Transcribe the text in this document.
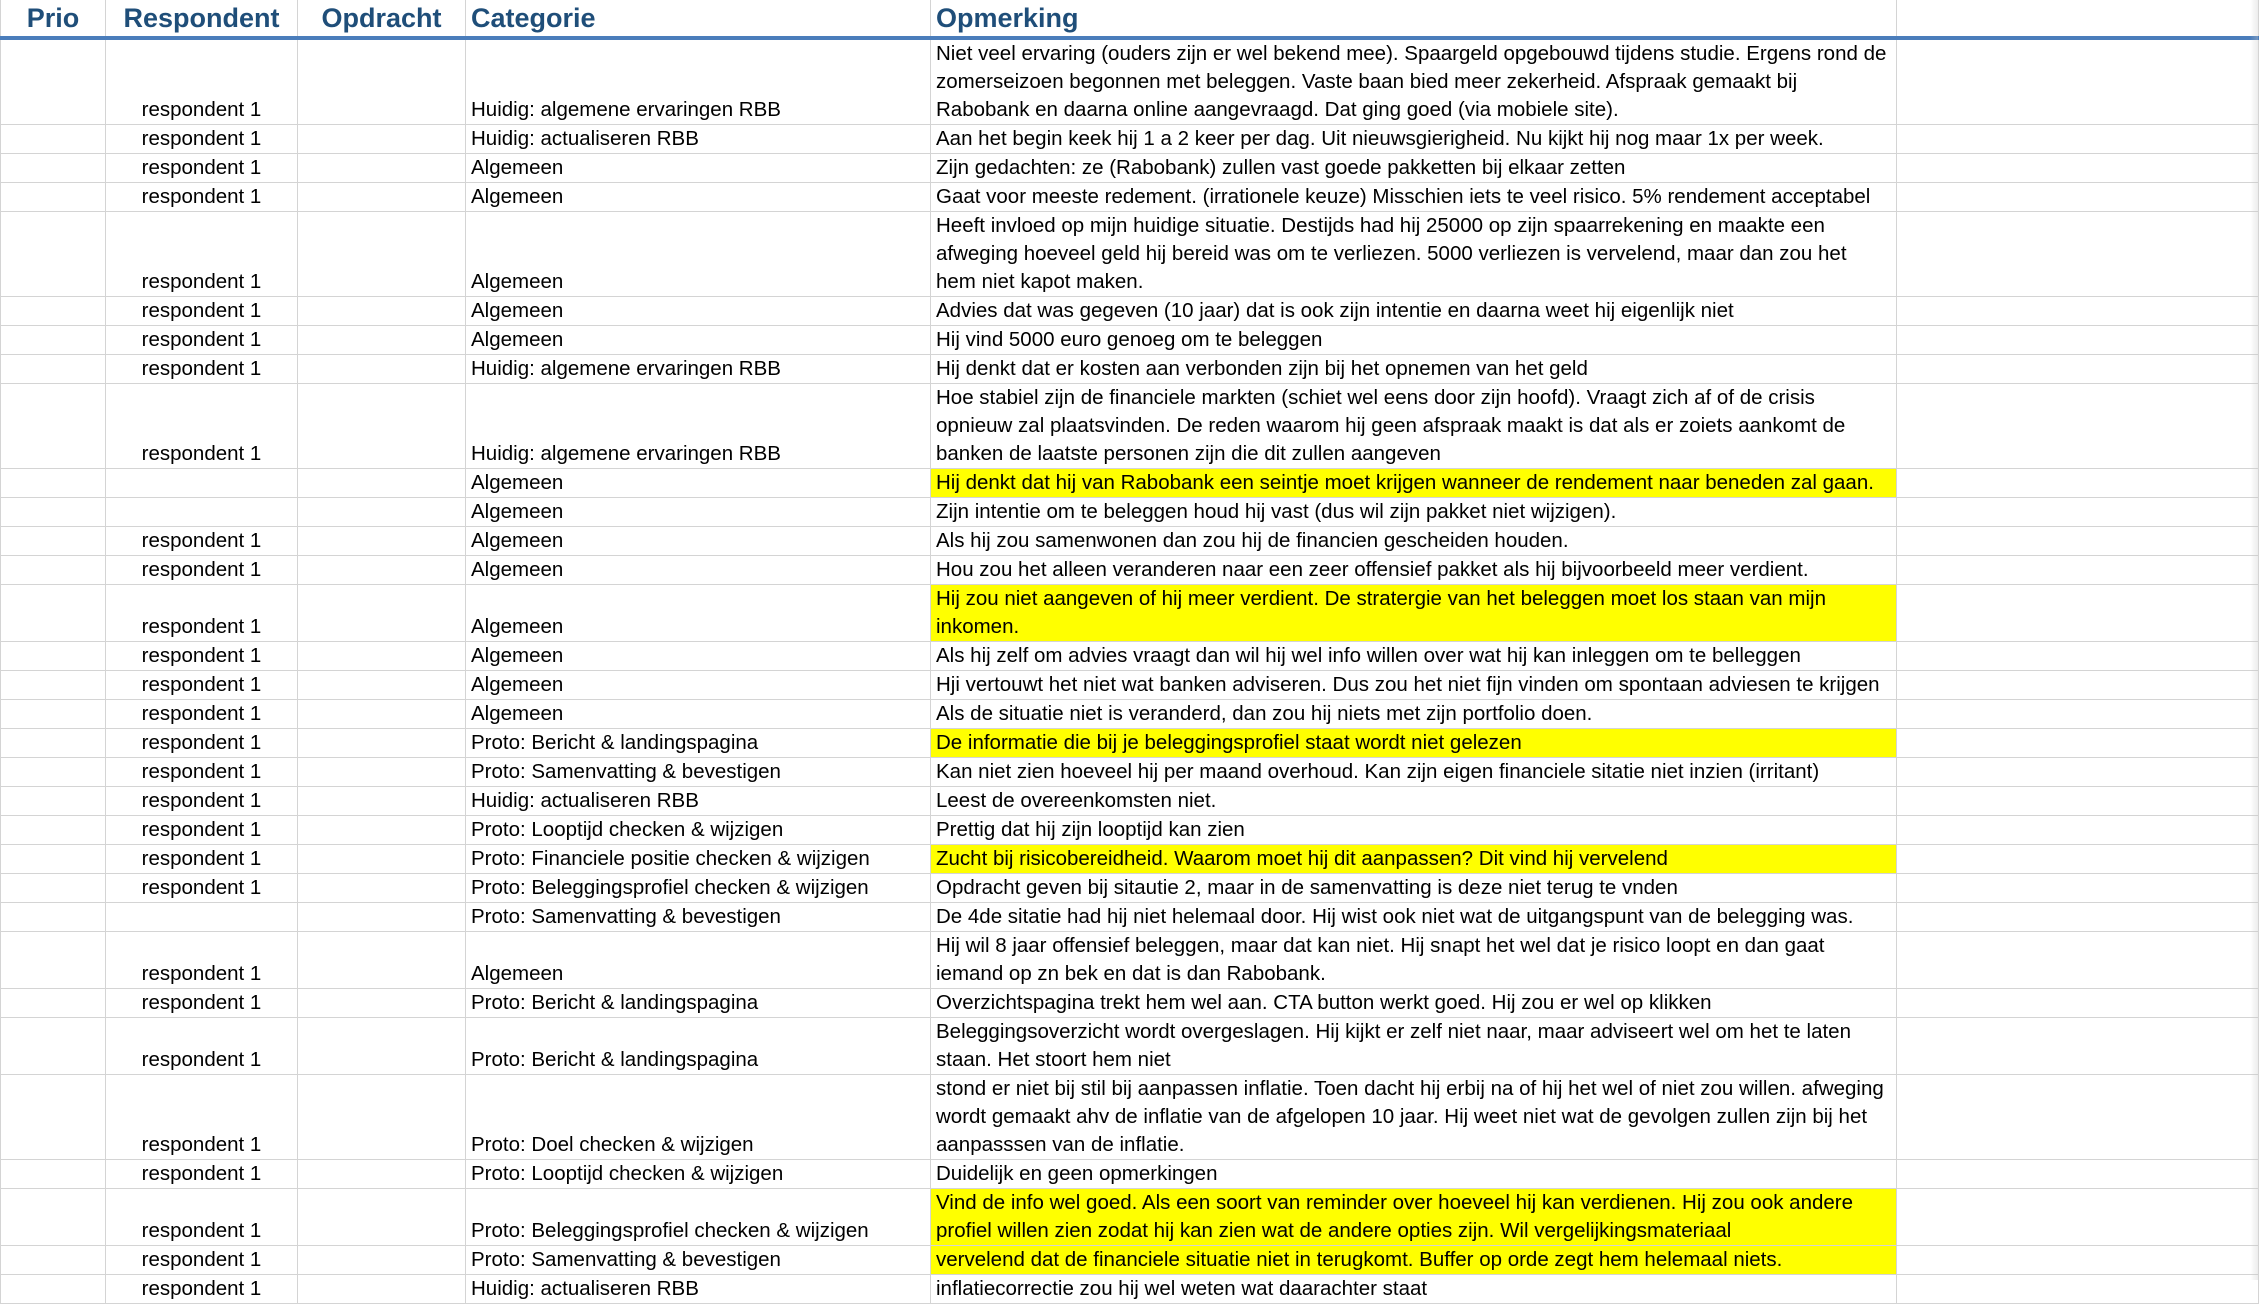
Prio	Respondent	Opdracht	Categorie	Opmerking	
	respondent 1		Huidig: algemene ervaringen RBB	Niet veel ervaring (ouders zijn er wel bekend mee). Spaargeld opgebouwd tijdens studie. Ergens rond de zomerseizoen begonnen met beleggen. Vaste baan bied meer zekerheid. Afspraak gemaakt bij Rabobank en daarna online aangevraagd. Dat ging goed (via mobiele site).	
	respondent 1		Huidig: actualiseren RBB	Aan het begin keek hij 1 a 2 keer per dag. Uit nieuwsgierigheid. Nu kijkt hij nog maar 1x per week.	
	respondent 1		Algemeen	Zijn gedachten: ze (Rabobank) zullen vast goede pakketten bij elkaar zetten	
	respondent 1		Algemeen	Gaat voor meeste redement. (irrationele keuze) Misschien iets te veel risico. 5% rendement acceptabel	
	respondent 1		Algemeen	Heeft invloed op mijn huidige situatie. Destijds had hij 25000 op zijn spaarrekening en maakte een afweging hoeveel geld hij bereid was om te verliezen. 5000 verliezen is vervelend, maar dan zou het hem niet kapot maken.	
	respondent 1		Algemeen	Advies dat was gegeven (10 jaar) dat is ook zijn intentie en daarna weet hij eigenlijk niet	
	respondent 1		Algemeen	Hij vind 5000 euro genoeg om te beleggen	
	respondent 1		Huidig: algemene ervaringen RBB	Hij denkt dat er kosten aan verbonden zijn bij het opnemen van het geld	
	respondent 1		Huidig: algemene ervaringen RBB	Hoe stabiel zijn de financiele markten (schiet wel eens door zijn hoofd). Vraagt zich af of de crisis opnieuw zal plaatsvinden. De reden waarom hij geen afspraak maakt is dat als er zoiets aankomt de banken de laatste personen zijn die dit zullen aangeven	
			Algemeen	Hij denkt dat hij van Rabobank een seintje moet krijgen wanneer de rendement naar beneden zal gaan.	
			Algemeen	Zijn intentie om te beleggen houd hij vast (dus wil zijn pakket niet wijzigen).	
	respondent 1		Algemeen	Als hij zou samenwonen dan zou hij de financien gescheiden houden.	
	respondent 1		Algemeen	Hou zou het alleen veranderen naar een zeer offensief pakket als hij bijvoorbeeld meer verdient.	
	respondent 1		Algemeen	Hij zou niet aangeven of hij meer verdient. De stratergie van het beleggen moet los staan van mijn inkomen.	
	respondent 1		Algemeen	Als hij zelf om advies vraagt dan wil hij wel info willen over wat hij kan inleggen om te belleggen	
	respondent 1		Algemeen	Hji vertouwt het niet wat banken adviseren. Dus zou het niet fijn vinden om spontaan adviesen te krijgen	
	respondent 1		Algemeen	Als de situatie niet is veranderd, dan zou hij niets met zijn portfolio doen.	
	respondent 1		Proto: Bericht & landingspagina	De informatie die bij je beleggingsprofiel staat wordt niet gelezen	
	respondent 1		Proto: Samenvatting & bevestigen	Kan niet zien hoeveel hij per maand overhoud. Kan zijn eigen financiele sitatie niet inzien (irritant)	
	respondent 1		Huidig: actualiseren RBB	Leest de overeenkomsten niet.	
	respondent 1		Proto: Looptijd checken & wijzigen	Prettig dat hij zijn looptijd kan zien	
	respondent 1		Proto: Financiele positie checken & wijzigen	Zucht bij risicobereidheid. Waarom moet hij dit aanpassen? Dit vind hij vervelend	
	respondent 1		Proto: Beleggingsprofiel checken & wijzigen	Opdracht geven bij sitautie 2, maar in de samenvatting is deze niet terug te vnden	
			Proto: Samenvatting & bevestigen	De 4de sitatie had hij niet helemaal door. Hij wist ook niet wat de uitgangspunt van de belegging was.	
	respondent 1		Algemeen	Hij wil 8 jaar offensief beleggen, maar dat kan niet. Hij snapt het wel dat je risico loopt en dan gaat iemand op zn bek en dat is dan Rabobank.	
	respondent 1		Proto: Bericht & landingspagina	Overzichtspagina trekt hem wel aan. CTA button werkt goed. Hij zou er wel op klikken	
	respondent 1		Proto: Bericht & landingspagina	Beleggingsoverzicht wordt overgeslagen. Hij kijkt er zelf niet naar, maar adviseert wel om het te laten staan. Het stoort hem niet	
	respondent 1		Proto: Doel checken & wijzigen	stond er niet bij stil bij aanpassen inflatie. Toen dacht hij erbij na of hij het wel of niet zou willen. afweging wordt gemaakt ahv de inflatie van de afgelopen 10 jaar. Hij weet niet wat de gevolgen zullen zijn bij het aanpasssen van de inflatie.	
	respondent 1		Proto: Looptijd checken & wijzigen	Duidelijk en geen opmerkingen	
	respondent 1		Proto: Beleggingsprofiel checken & wijzigen	Vind de info wel goed. Als een soort van reminder over hoeveel hij kan verdienen. Hij zou ook andere profiel willen zien zodat hij kan zien wat de andere opties zijn. Wil vergelijkingsmateriaal	
	respondent 1		Proto: Samenvatting & bevestigen	vervelend dat de financiele situatie niet in terugkomt. Buffer op orde zegt hem helemaal niets.	
	respondent 1		Huidig: actualiseren RBB	inflatiecorrectie zou hij wel weten wat daarachter staat	
